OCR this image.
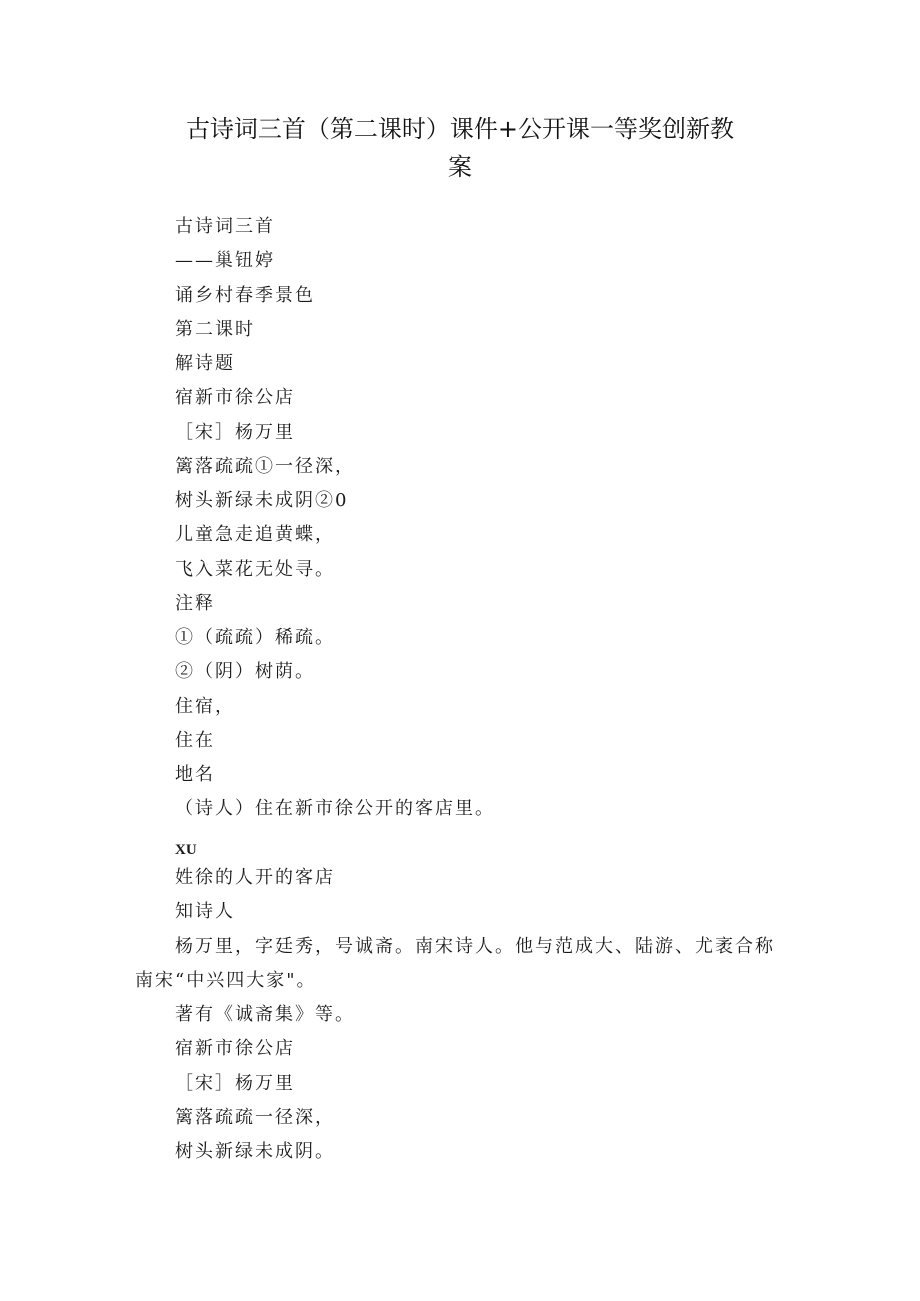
古诗词三首（第二课时）课件+公开课一等奖创新教
案
古诗词三首
——巢钮婷
诵乡村春季景色
第二课时
解诗题
宿新市徐公店
［宋］杨万里
篱落疏疏①一径深，
树头新绿未成阴②0
儿童急走追黄蝶，
飞入菜花无处寻。
注释
①（疏疏）稀疏。
②（阴）树荫。
住宿，
住在
地名
（诗人）住在新市徐公开的客店里。
XU
姓徐的人开的客店
知诗人
杨万里，字廷秀，号诚斋。南宋诗人。他与范成大、陆游、尤袤合称
南宋“中兴四大家"。
著有《诚斋集》等。
宿新市徐公店
［宋］杨万里
篱落疏疏一径深，
树头新绿未成阴。
